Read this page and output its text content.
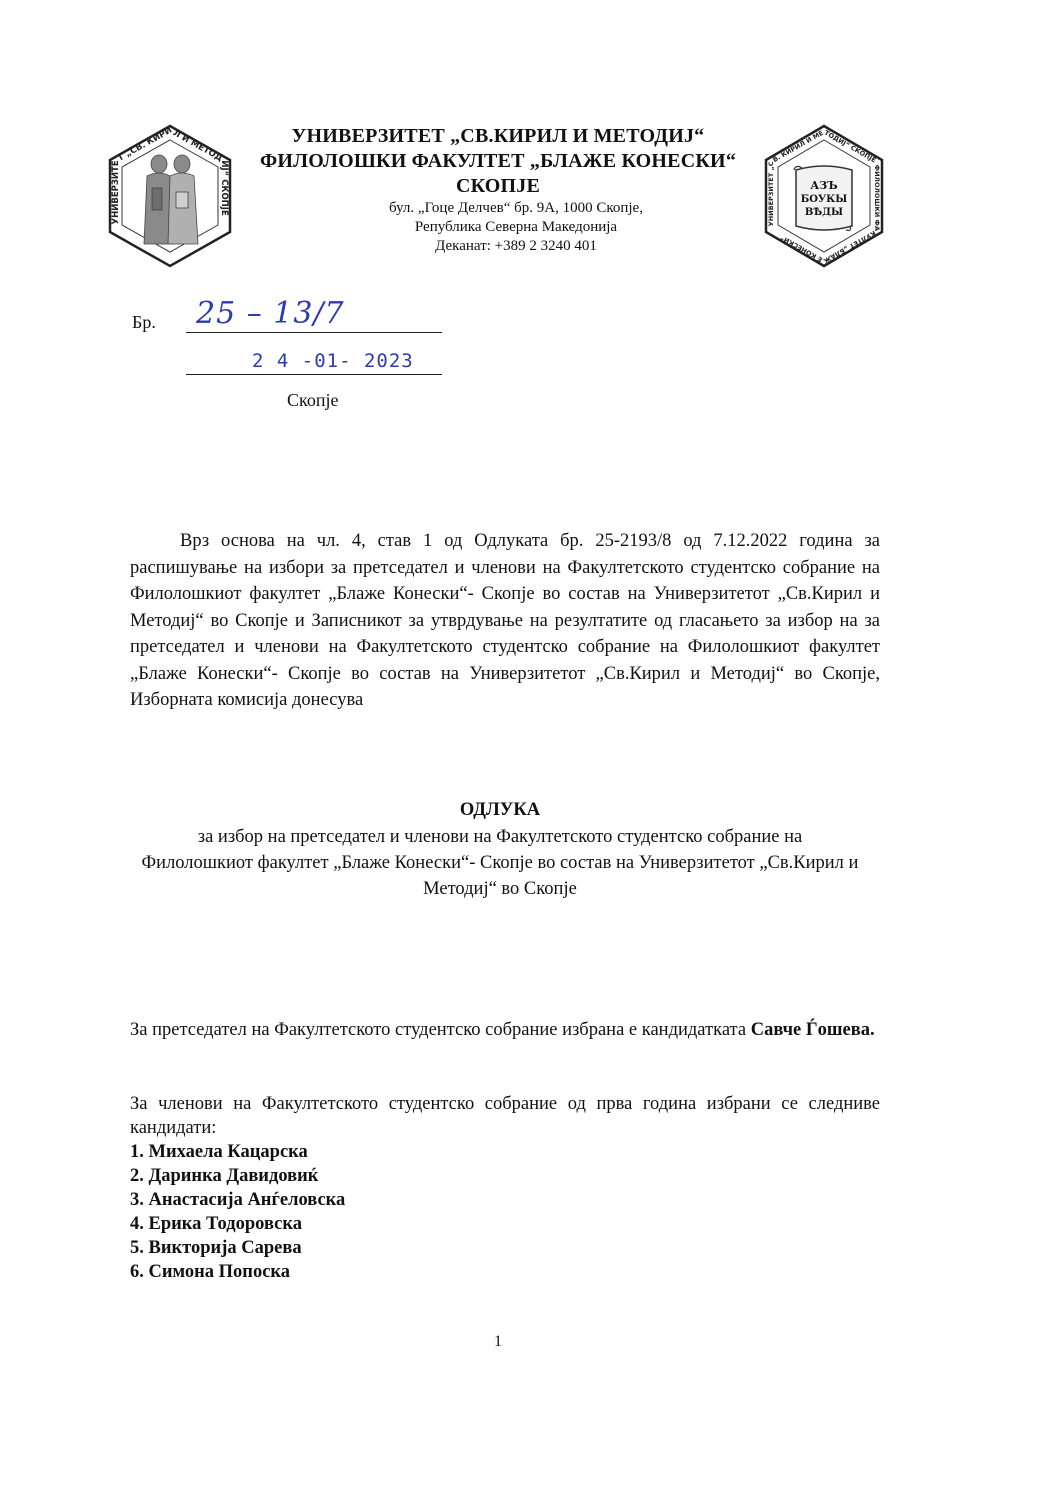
УНИВЕРЗИТЕТ „СВ. КИРИЛ И МЕТОДИЈ“ СКОПЈЕ
УНИВЕРЗИТЕТ „СВ.КИРИЛ И МЕТОДИЈ“
ФИЛОЛОШКИ ФАКУЛТЕТ „БЛАЖЕ КОНЕСКИ“
СКОПЈЕ
бул. „Гоце Делчев“ бр. 9А, 1000 Скопје,
Република Северна Македонија
Деканат: +389 2 3240 401
УНИВЕРЗИТЕТ „СВ. КИРИЛ И МЕТОДИЈ“ СКОПЈЕ ФИЛОЛОШКИ ФАКУЛТЕТ „БЛАЖЕ КОНЕСКИ“
АЗЪ
БОУКЫ
ВѢДЫ
Бр. 25 – 13/7
2 4 -01- 2023
Скопје
Врз основа на чл. 4, став 1 од Одлуката бр. 25-2193/8 од 7.12.2022 година за распишување на избори за претседател и членови на Факултетското студентско собрание на Филолошкиот факултет „Блаже Конески“- Скопје во состав на Универзитетот „Св.Кирил и Методиј“ во Скопје и Записникот за утврдување на резултатите од гласањето за избор на за претседател и членови на Факултетското студентско собрание на Филолошкиот факултет „Блаже Конески“- Скопје во состав на Универзитетот „Св.Кирил и Методиј“ во Скопје, Изборната комисија донесува
ОДЛУКА
за избор на претседател и членови на Факултетското студентско собрание на Филолошкиот факултет „Блаже Конески“- Скопје во состав на Универзитетот „Св.Кирил и Методиј“ во Скопје
За претседател на Факултетското студентско собрание избрана е кандидатката Савче Ѓошева.
За членови на Факултетското студентско собрание од прва година избрани се следниве кандидати:
1. Михаела Кацарска
2. Даринка Давидовиќ
3. Анастасија Анѓеловска
4. Ерика Тодоровска
5. Викторија Сарева
6. Симона Попоска
1
